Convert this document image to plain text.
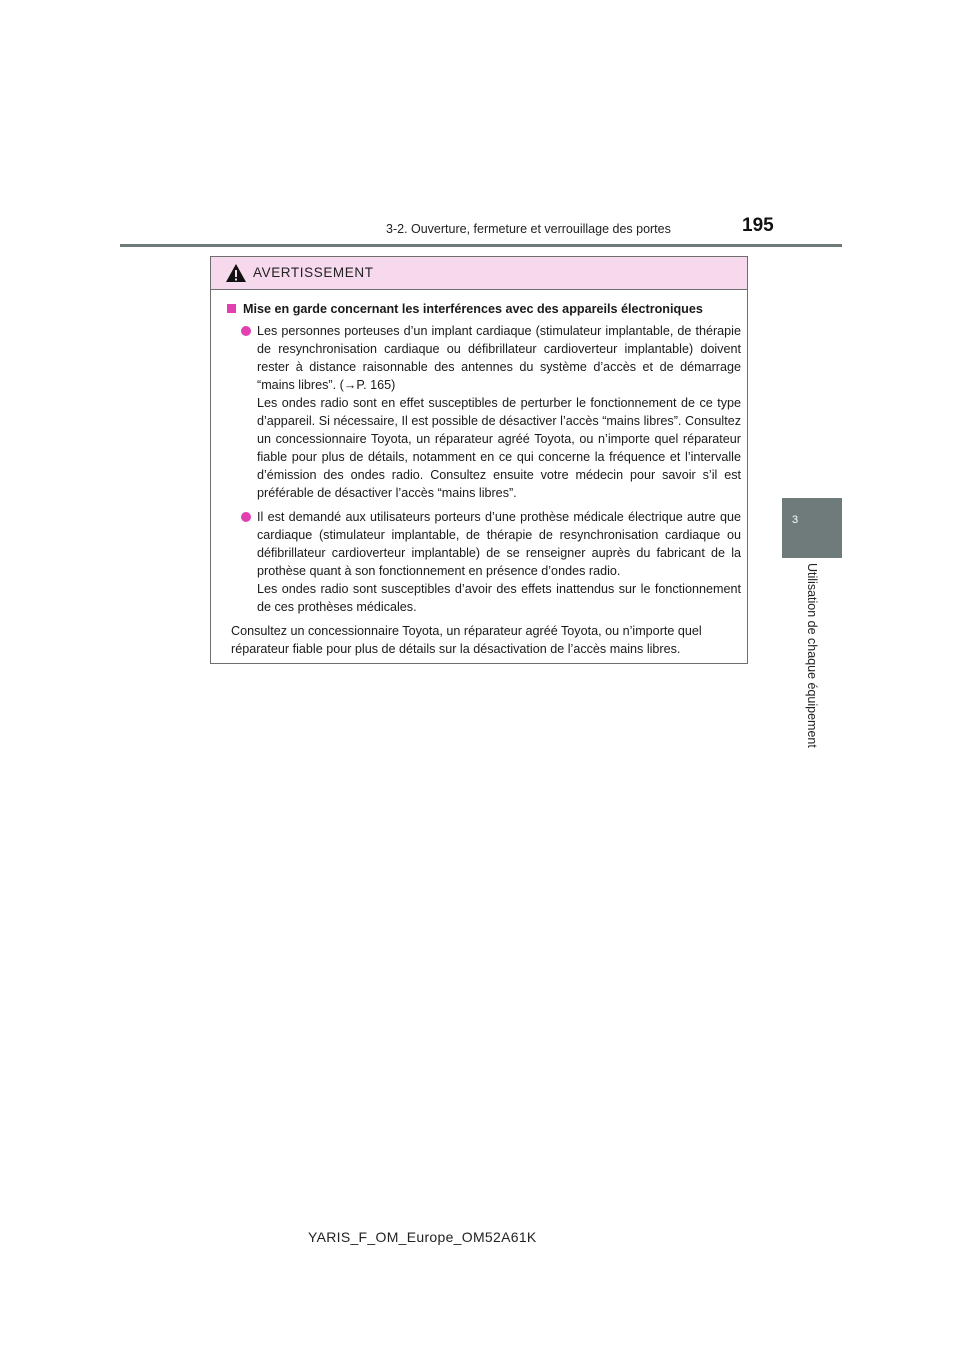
3-2. Ouverture, fermeture et verrouillage des portes	195
3
Utilisation de chaque équipement
AVERTISSEMENT
Mise en garde concernant les interférences avec des appareils électroniques

Les personnes porteuses d’un implant cardiaque (stimulateur implantable, de thérapie de resynchronisation cardiaque ou défibrillateur cardioverteur implantable) doivent rester à distance raisonnable des antennes du système d’accès et de démarrage “mains libres”. (→P. 165)

Les ondes radio sont en effet susceptibles de perturber le fonctionnement de ce type d’appareil. Si nécessaire, Il est possible de désactiver l’accès “mains libres”. Consultez un concessionnaire Toyota, un réparateur agréé Toyota, ou n’importe quel réparateur fiable pour plus de détails, notamment en ce qui concerne la fréquence et l’intervalle d’émission des ondes radio. Consultez ensuite votre médecin pour savoir s’il est préférable de désactiver l’accès “mains libres”.

Il est demandé aux utilisateurs porteurs d’une prothèse médicale électrique autre que cardiaque (stimulateur implantable, de thérapie de resynchronisation cardiaque ou défibrillateur cardioverteur implantable) de se renseigner auprès du fabricant de la prothèse quant à son fonctionnement en présence d’ondes radio.

Les ondes radio sont susceptibles d’avoir des effets inattendus sur le fonctionnement de ces prothèses médicales.

Consultez un concessionnaire Toyota, un réparateur agréé Toyota, ou n’importe quel

réparateur fiable pour plus de détails sur la désactivation de l’accès mains libres.

YARIS_F_OM_Europe_OM52A61K
